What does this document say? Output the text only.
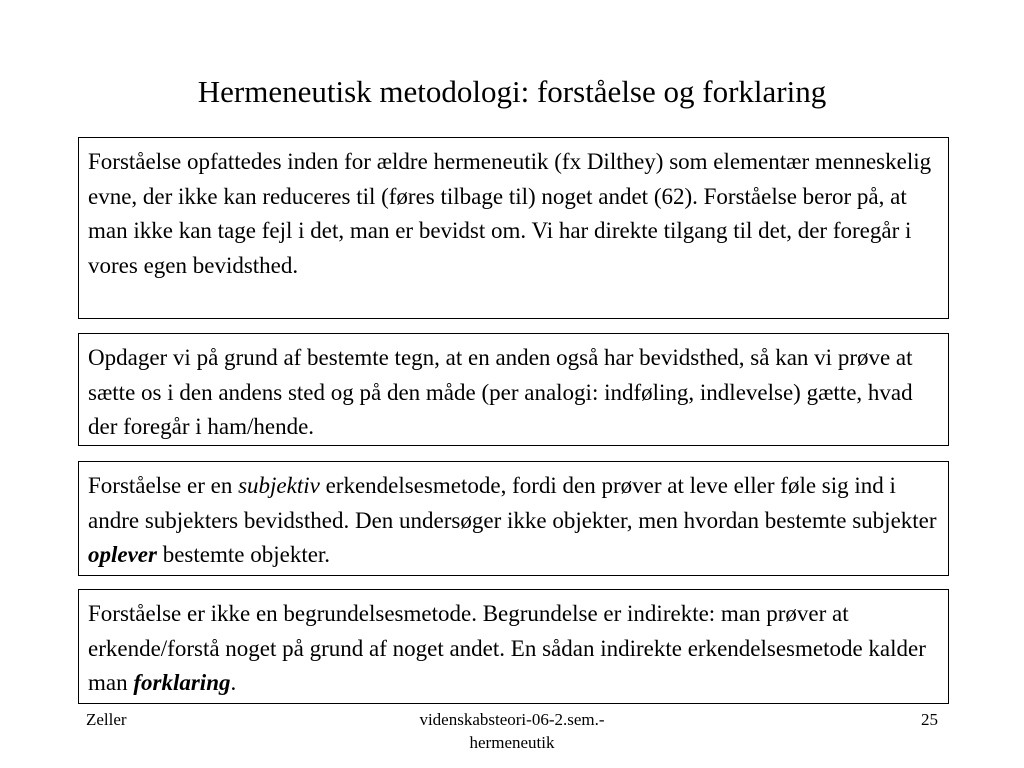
Hermeneutisk metodologi: forståelse og forklaring
Forståelse opfattedes inden for ældre hermeneutik (fx Dilthey) som elementær menneskelig evne, der ikke kan reduceres til (føres tilbage til) noget andet (62). Forståelse beror på, at man ikke kan tage fejl i det, man er bevidst om. Vi har direkte tilgang til det, der foregår i vores egen bevidsthed.
Opdager vi på grund af bestemte tegn, at en anden også har bevidsthed, så kan vi prøve at sætte os i den andens sted og på den måde (per analogi: indføling, indlevelse) gætte, hvad der foregår i ham/hende.
Forståelse er en subjektiv erkendelsesmetode, fordi den prøver at leve eller føle sig ind i andre subjekters bevidsthed. Den undersøger ikke objekter, men hvordan bestemte subjekter oplever bestemte objekter.
Forståelse er ikke en begrundelsesmetode. Begrundelse er indirekte: man prøver at erkende/forstå noget på grund af noget andet. En sådan indirekte erkendelsesmetode kalder man forklaring.
Zeller	videnskabsteori-06-2.sem.-
hermeneutik
25
